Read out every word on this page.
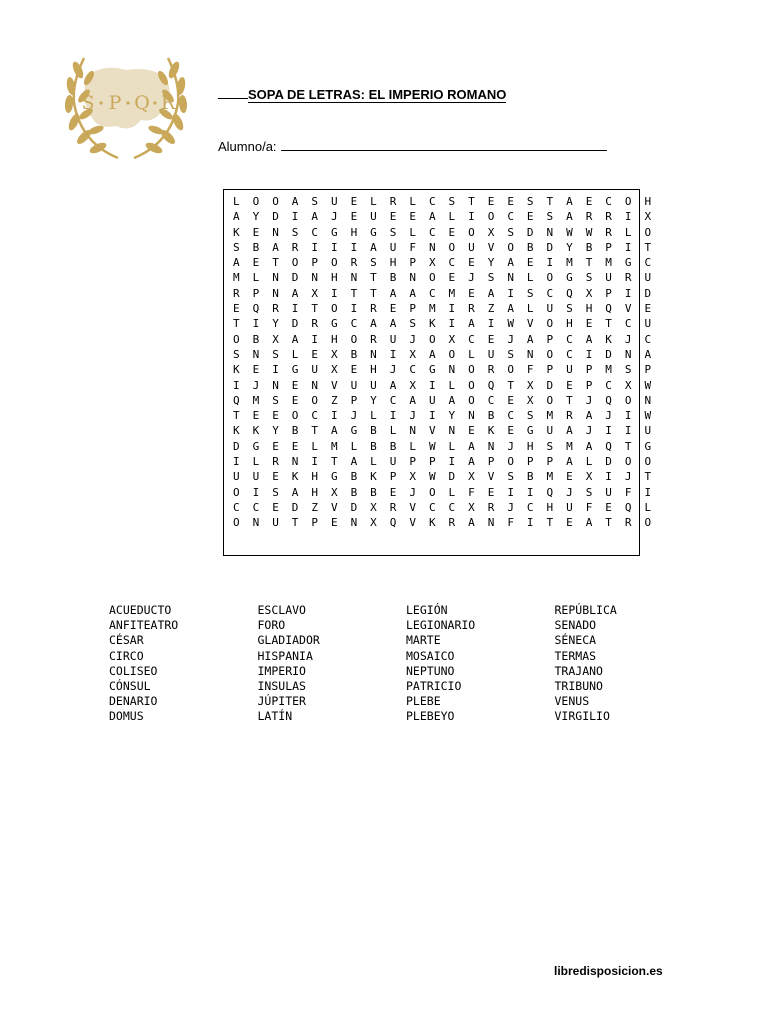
S P Q R	SOPA DE LETRAS: EL IMPERIO ROMANO
Alumno/a:
L	O	O	A	S	U	E	L	R	L	C	S	T	E	E	S	T	A	E	C	O	H
A	Y	D	I	A	J	E	U	E	E	A	L	I	O	C	E	S	A	R	R	I	X
K	E	N	S	C	G	H	G	S	L	C	E	O	X	S	D	N	W	W	R	L	O
S	B	A	R	I	I	I	A	U	F	N	O	U	V	O	B	D	Y	B	P	I	T
A	E	T	O	P	O	R	S	H	P	X	C	E	Y	A	E	I	M	T	M	G	C
M	L	N	D	N	H	N	T	B	N	O	E	J	S	N	L	O	G	S	U	R	U
R	P	N	A	X	I	T	T	A	A	C	M	E	A	I	S	C	Q	X	P	I	D
E	Q	R	I	T	O	I	R	E	P	M	I	R	Z	A	L	U	S	H	Q	V	E
T	I	Y	D	R	G	C	A	A	S	K	I	A	I	W	V	O	H	E	T	C	U
O	B	X	A	I	H	O	R	U	J	O	X	C	E	J	A	P	C	A	K	J	C
S	N	S	L	E	X	B	N	I	X	A	O	L	U	S	N	O	C	I	D	N	A
K	E	I	G	U	X	E	H	J	C	G	N	O	R	O	F	P	U	P	M	S	P
I	J	N	E	N	V	U	U	A	X	I	L	O	Q	T	X	D	E	P	C	X	W
Q	M	S	E	O	Z	P	Y	C	A	U	A	O	C	E	X	O	T	J	Q	O	N
T	E	E	O	C	I	J	L	I	J	I	Y	N	B	C	S	M	R	A	J	I	W
K	K	Y	B	T	A	G	B	L	N	V	N	E	K	E	G	U	A	J	I	I	U
D	G	E	E	L	M	L	B	B	L	W	L	A	N	J	H	S	M	A	Q	T	G
I	L	R	N	I	T	A	L	U	P	P	I	A	P	O	P	P	A	L	D	O	O
U	U	E	K	H	G	B	K	P	X	W	D	X	V	S	B	M	E	X	I	J	T
O	I	S	A	H	X	B	B	E	J	O	L	F	E	I	I	Q	J	S	U	F	I
C	C	E	D	Z	V	D	X	R	V	C	C	X	R	J	C	H	U	F	E	Q	L
O	N	U	T	P	E	N	X	Q	V	K	R	A	N	F	I	T	E	A	T	R	O
ACUEDUCTO
ANFITEATRO
CÉSAR
CIRCO
COLISEO
CÓNSUL
DENARIO
DOMUS
ESCLAVO
FORO
GLADIADOR
HISPANIA
IMPERIO
INSULAS
JÚPITER
LATÍN
LEGIÓN
LEGIONARIO
MARTE
MOSAICO
NEPTUNO
PATRICIO
PLEBE
PLEBEYO
REPÚBLICA
SENADO
SÉNECA
TERMAS
TRAJANO
TRIBUNO
VENUS
VIRGILIO
libredisposicion.es
